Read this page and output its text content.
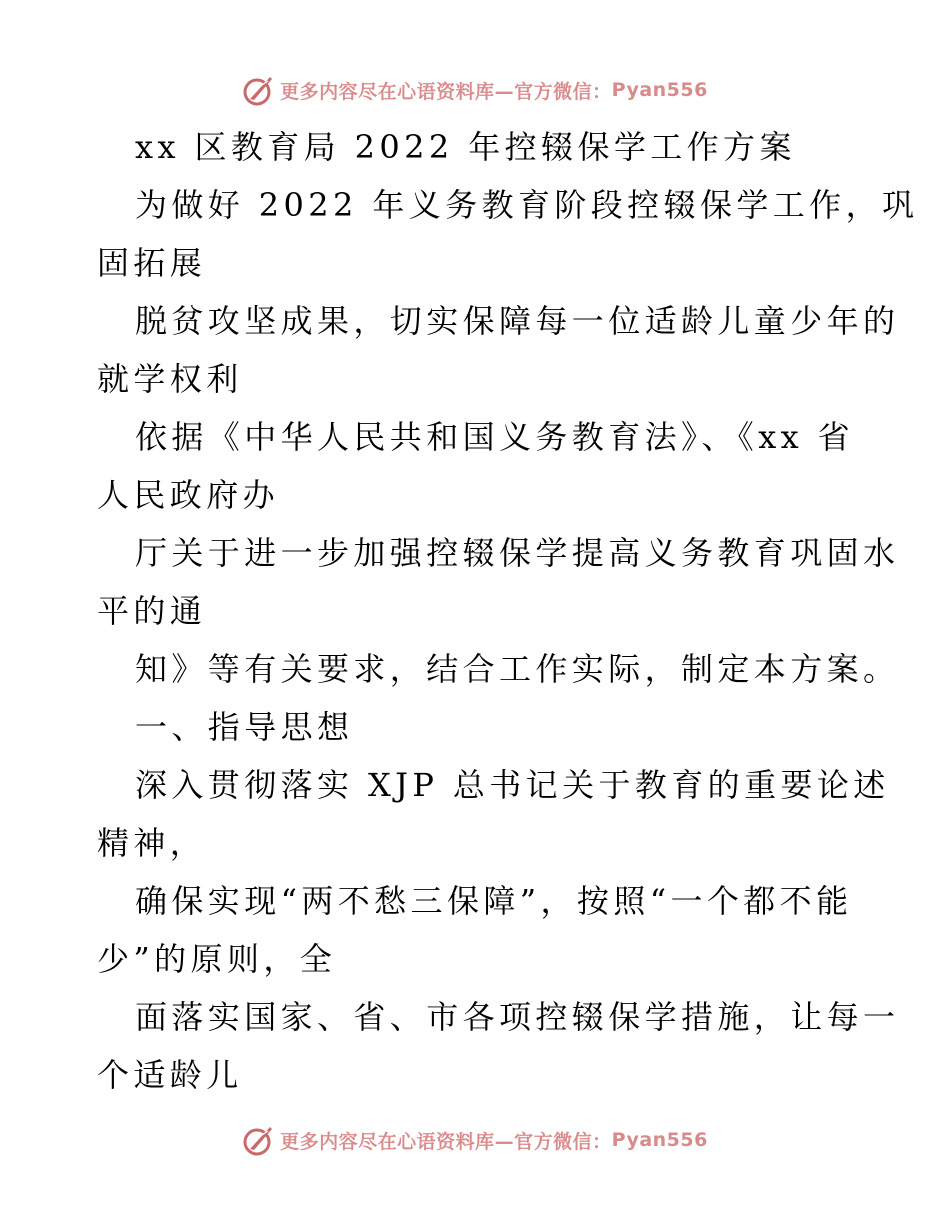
更多内容尽在心语资料库—官方微信： Pyan556
xx 区教育局 2022 年控辍保学工作方案
为做好 2022 年义务教育阶段控辍保学工作，巩
固拓展
脱贫攻坚成果，切实保障每一位适龄儿童少年的
就学权利
依据《中华人民共和国义务教育法》、《xx 省
人民政府办
厅关于进一步加强控辍保学提高义务教育巩固水
平的通
知》等有关要求，结合工作实际，制定本方案。
一、指导思想
深入贯彻落实 XJP 总书记关于教育的重要论述
精神，
确保实现“两不愁三保障”，按照“一个都不能
少”的原则，全
面落实国家、省、市各项控辍保学措施，让每一
个适龄儿
更多内容尽在心语资料库—官方微信： Pyan556
